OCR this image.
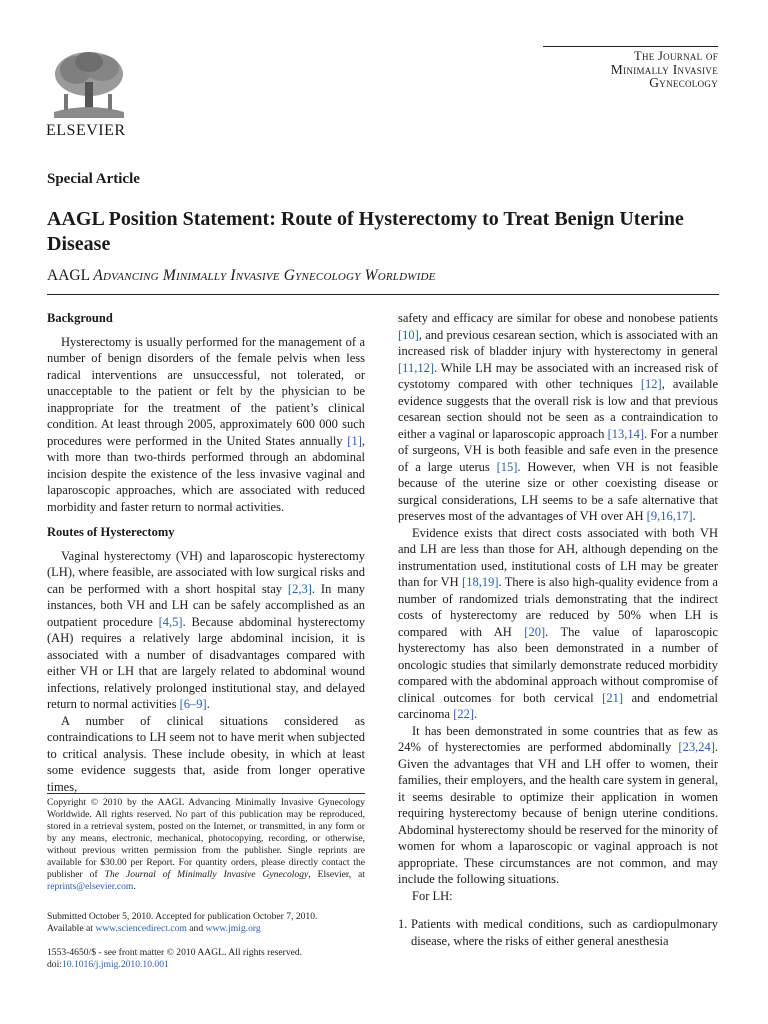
ELSEVIER
The Journal of
Minimally Invasive
Gynecology
Special Article
AAGL Position Statement: Route of Hysterectomy to Treat Benign Uterine Disease
AAGL Advancing Minimally Invasive Gynecology Worldwide
Background

Hysterectomy is usually performed for the management of a number of benign disorders of the female pelvis when less radical interventions are unsuccessful, not tolerated, or unacceptable to the patient or felt by the physician to be inappropriate for the treatment of the patient’s clinical condition. At least through 2005, approximately 600 000 such procedures were performed in the United States annually [1], with more than two-thirds performed through an abdominal incision despite the existence of the less invasive vaginal and laparoscopic approaches, which are associated with reduced morbidity and faster return to normal activities.

Routes of Hysterectomy

Vaginal hysterectomy (VH) and laparoscopic hysterectomy (LH), where feasible, are associated with low surgical risks and can be performed with a short hospital stay [2,3]. In many instances, both VH and LH can be safely accomplished as an outpatient procedure [4,5]. Because abdominal hysterectomy (AH) requires a relatively large abdominal incision, it is associated with a number of disadvantages compared with either VH or LH that are largely related to abdominal wound infections, relatively prolonged institutional stay, and delayed return to normal activities [6–9].

A number of clinical situations considered as contraindications to LH seem not to have merit when subjected to critical analysis. These include obesity, in which at least some evidence suggests that, aside from longer operative times,

Copyright © 2010 by the AAGL Advancing Minimally Invasive Gynecology Worldwide. All rights reserved. No part of this publication may be reproduced, stored in a retrieval system, posted on the Internet, or transmitted, in any form or by any means, electronic, mechanical, photocopying, recording, or otherwise, without previous written permission from the publisher. Single reprints are available for $30.00 per Report. For quantity orders, please directly contact the publisher of The Journal of Minimally Invasive Gynecology, Elsevier, at reprints@elsevier.com.
Submitted October 5, 2010. Accepted for publication October 7, 2010.
Available at www.sciencedirect.com and www.jmig.org
1553-4650/$ - see front matter © 2010 AAGL. All rights reserved.
doi:10.1016/j.jmig.2010.10.001

safety and efficacy are similar for obese and nonobese patients [10], and previous cesarean section, which is associated with an increased risk of bladder injury with hysterectomy in general [11,12]. While LH may be associated with an increased risk of cystotomy compared with other techniques [12], available evidence suggests that the overall risk is low and that previous cesarean section should not be seen as a contraindication to either a vaginal or laparoscopic approach [13,14]. For a number of surgeons, VH is both feasible and safe even in the presence of a large uterus [15]. However, when VH is not feasible because of the uterine size or other coexisting disease or surgical considerations, LH seems to be a safe alternative that preserves most of the advantages of VH over AH [9,16,17].

Evidence exists that direct costs associated with both VH and LH are less than those for AH, although depending on the instrumentation used, institutional costs of LH may be greater than for VH [18,19]. There is also high-quality evidence from a number of randomized trials demonstrating that the indirect costs of hysterectomy are reduced by 50% when LH is compared with AH [20]. The value of laparoscopic hysterectomy has also been demonstrated in a number of oncologic studies that similarly demonstrate reduced morbidity compared with the abdominal approach without compromise of clinical outcomes for both cervical [21] and endometrial carcinoma [22].

It has been demonstrated in some countries that as few as 24% of hysterectomies are performed abdominally [23,24]. Given the advantages that VH and LH offer to women, their families, their employers, and the health care system in general, it seems desirable to optimize their application in women requiring hysterectomy because of benign uterine conditions. Abdominal hysterectomy should be reserved for the minority of women for whom a laparoscopic or vaginal approach is not appropriate. These circumstances are not common, and may include the following situations.

For LH:

1. Patients with medical conditions, such as cardiopulmonary disease, where the risks of either general anesthesia
